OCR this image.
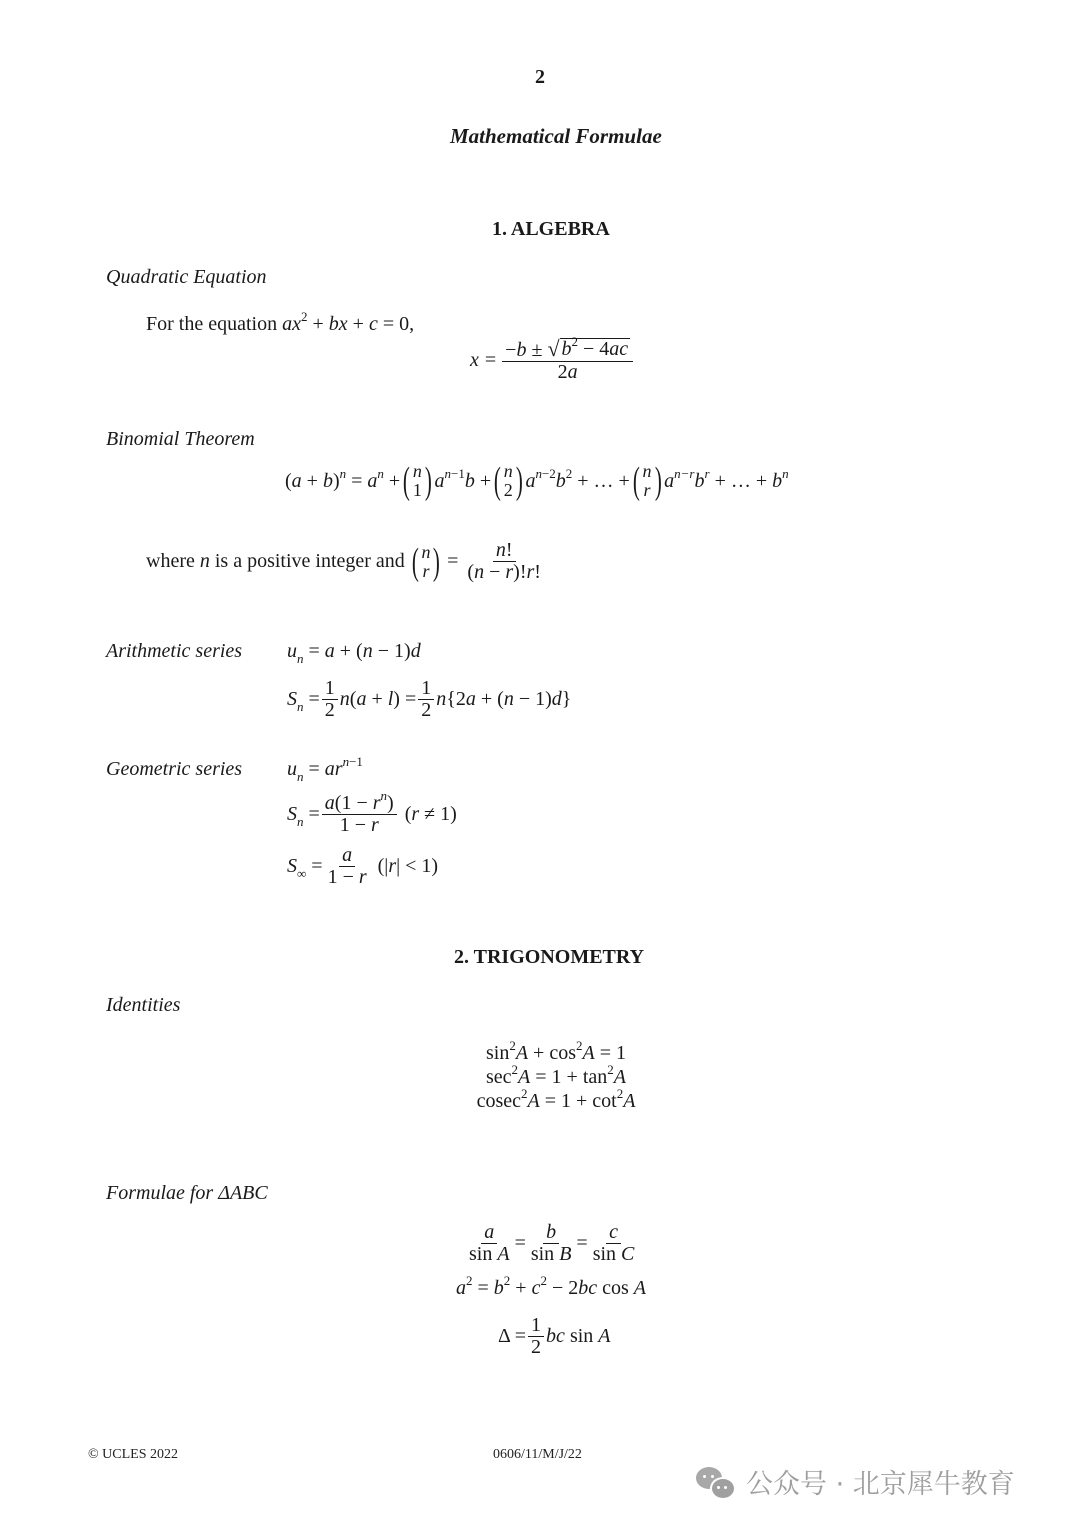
2
Mathematical Formulae
1. ALGEBRA
Quadratic Equation
For the equation $ax^2$ + bx + c = 0,
$x = \frac{-b \pm √ b^2 - 4ac}{2a}$
Binomial Theorem
$(a + b)^n = a^n$ + ( n
1 ) $a^{n-1}b$ + ( n
2 ) $a^{n-2}b^2$ + … + ( n
r ) $a^{n-r}b^r$ + … + $b^n$
where n is a positive integer and ( n
r ) = $\frac{n!}{(n - r)!r!}$
Arithmetic series $u_n = a + (n - 1)d$
$S_n = \frac{1}{2} n(a + l) = \frac{1}{2} n\{2a + (n - 1)d\}$
Geometric series $u_n = ar^{n-1}$
$S_n = \frac{a(1 - r^n)}{1 - r} (r \ne 1)$
$S_\infty = \frac{a}{1 - r} (|r| < 1)$
2. TRIGONOMETRY
Identities
$\sin^2A + \cos^2A = 1$
$\sec^2A = 1 + \tan^2A$
$cosec^2A = 1 + \cot^2A$
Formulae for ΔABC
$\frac{a}{\text{sin A}} = \frac{b}{\text{sin B}} = \frac{c}{\text{sin C}}$
$a^2 = b^2 + c^2 - 2bc$ cos A
$\Delta = \frac{1}{2}$ bc sin A
© UCLES 2022	0606/11/M/J/22
公众号 · 北京犀牛教育
